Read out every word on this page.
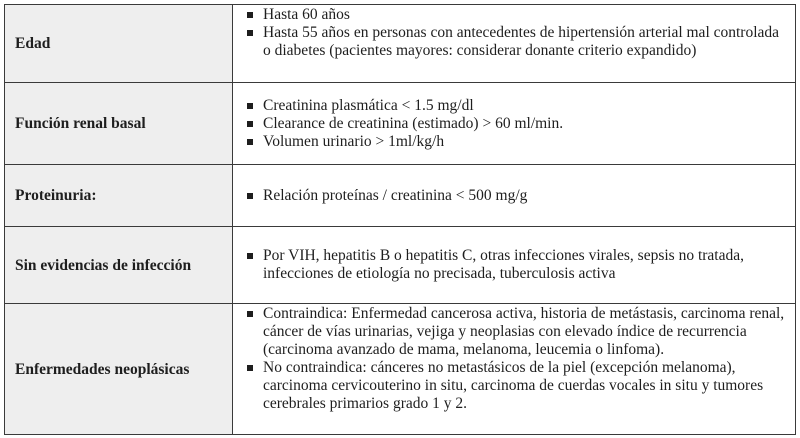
Edad
Hasta 60 años
Hasta 55 años en personas con antecedentes de hipertensión arterial mal controlada o diabetes (pacientes mayores: considerar donante criterio expandido)
Función renal basal
Creatinina plasmática < 1.5 mg/dl
Clearance de creatinina (estimado) > 60 ml/min.
Volumen urinario > 1ml/kg/h
Proteinuria:	Relación proteínas / creatinina < 500 mg/g
Sin evidencias de infección
Por VIH, hepatitis B o hepatitis C, otras infecciones virales, sepsis no tratada, infecciones de etiología no precisada, tuberculosis activa
Enfermedades neoplásicas
Contraindica: Enfermedad cancerosa activa, historia de metástasis, carcinoma renal, cáncer de vías urinarias, vejiga y neoplasias con elevado índice de recurrencia (carcinoma avanzado de mama, melanoma, leucemia o linfoma).
No contraindica: cánceres no metastásicos de la piel (excepción melanoma), carcinoma cervicouterino in situ, carcinoma de cuerdas vocales in situ y tumores cerebrales primarios grado 1 y 2.
